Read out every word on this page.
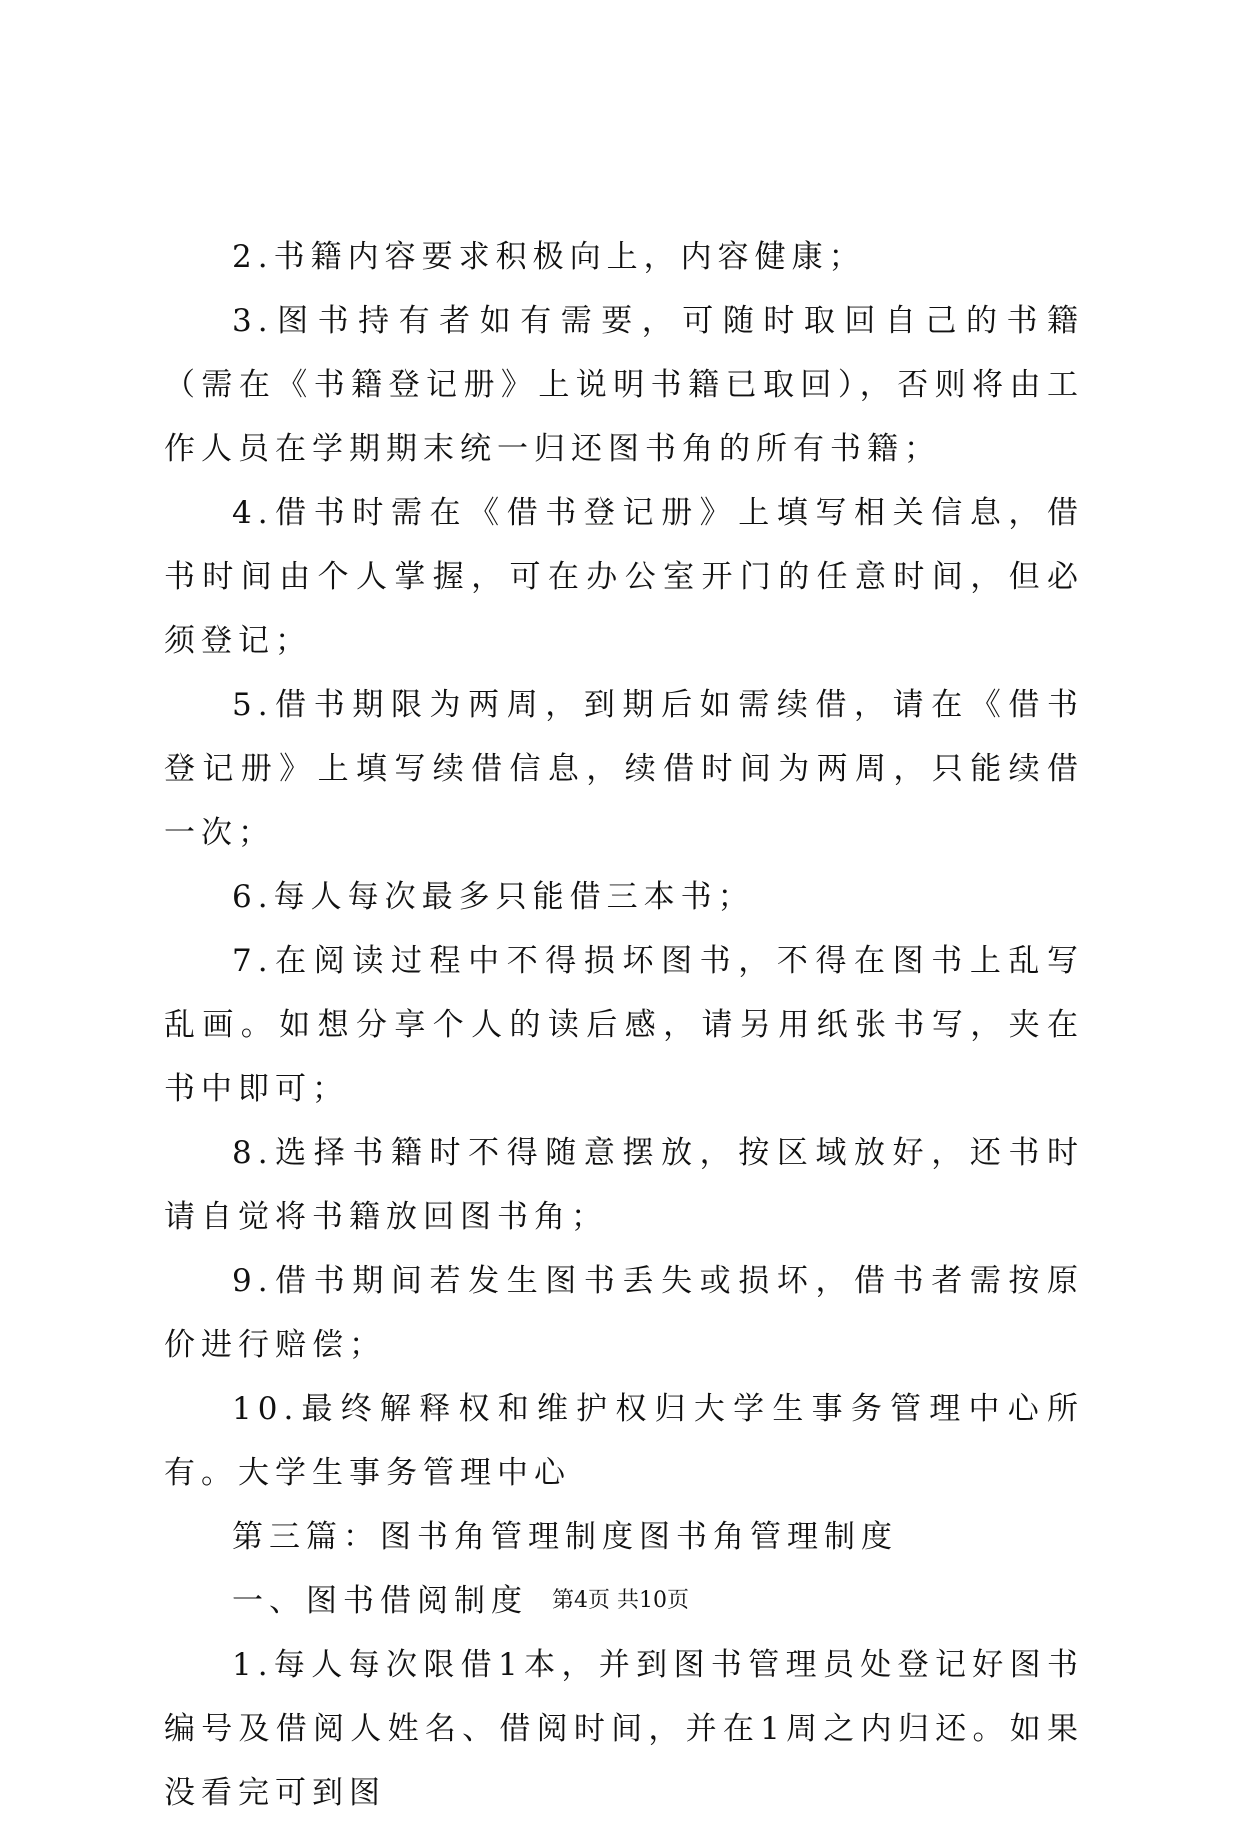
2.书籍内容要求积极向上，内容健康；

3.图书持有者如有需要，可随时取回自己的书籍（需在《书籍登记册》上说明书籍已取回），否则将由工作人员在学期期末统一归还图书角的所有书籍；

4.借书时需在《借书登记册》上填写相关信息，借书时间由个人掌握，可在办公室开门的任意时间，但必须登记；

5.借书期限为两周，到期后如需续借，请在《借书登记册》上填写续借信息，续借时间为两周，只能续借一次；

6.每人每次最多只能借三本书；

7.在阅读过程中不得损坏图书，不得在图书上乱写乱画。如想分享个人的读后感，请另用纸张书写，夹在书中即可；

8.选择书籍时不得随意摆放，按区域放好，还书时请自觉将书籍放回图书角；

9.借书期间若发生图书丢失或损坏，借书者需按原价进行赔偿；

10.最终解释权和维护权归大学生事务管理中心所有。大学生事务管理中心

第三篇：图书角管理制度图书角管理制度

一、图书借阅制度

1.每人每次限借1本，并到图书管理员处登记好图书编号及借阅人姓名、借阅时间，并在1周之内归还。如果没看完可到图

第4页 共10页
